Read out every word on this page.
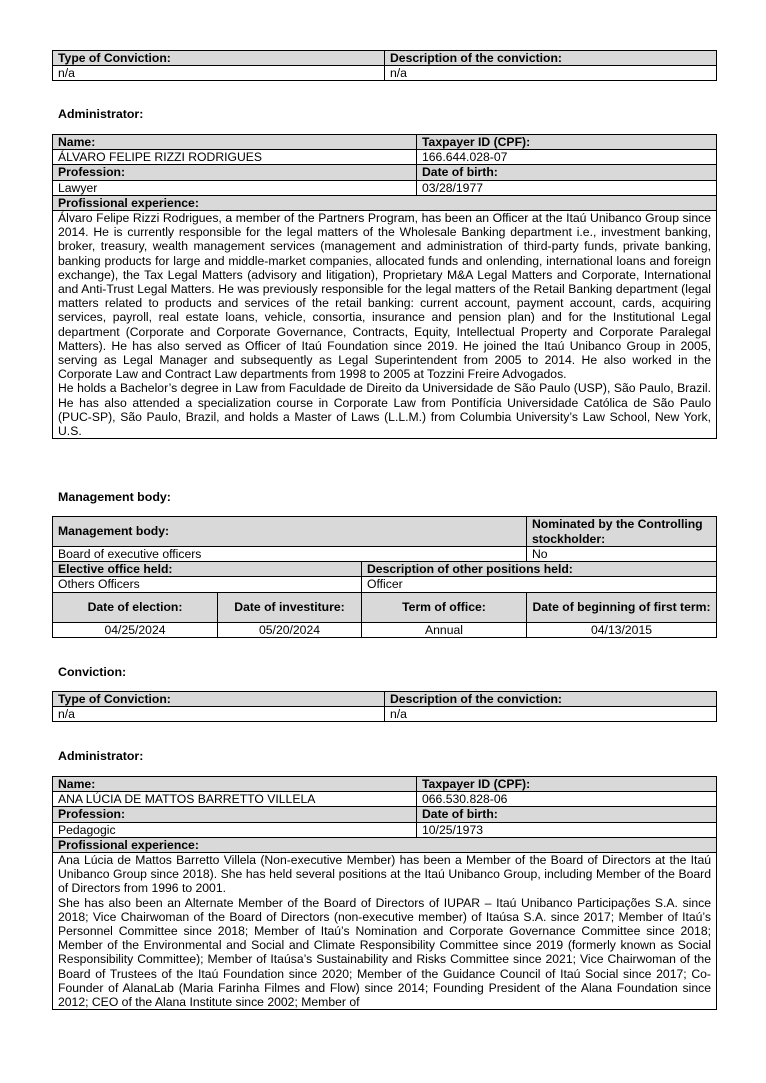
Type of Conviction:	Description of the conviction:
n/a	n/a
Administrator:
Name:	Taxpayer ID (CPF):
ÁLVARO FELIPE RIZZI RODRIGUES	166.644.028-07
Profession:	Date of birth:
Lawyer	03/28/1977
Profissional experience:	

Álvaro Felipe Rizzi Rodrigues, a member of the Partners Program, has been an Officer at the Itaú Unibanco Group since 2014. He is currently responsible for the legal matters of the Wholesale Banking department i.e., investment banking, broker, treasury, wealth management services (management and administration of third-party funds, private banking, banking products for large and middle-market companies, allocated funds and onlending, international loans and foreign exchange), the Tax Legal Matters (advisory and litigation), Proprietary M&A Legal Matters and Corporate, International and Anti-Trust Legal Matters. He was previously responsible for the legal matters of the Retail Banking department (legal matters related to products and services of the retail banking: current account, payment account, cards, acquiring services, payroll, real estate loans, vehicle, consortia, insurance and pension plan) and for the Institutional Legal department (Corporate and Corporate Governance, Contracts, Equity, Intellectual Property and Corporate Paralegal Matters). He has also served as Officer of Itaú Foundation since 2019. He joined the Itaú Unibanco Group in 2005, serving as Legal Manager and subsequently as Legal Superintendent from 2005 to 2014. He also worked in the Corporate Law and Contract Law departments from 1998 to 2005 at Tozzini Freire Advogados.
He holds a Bachelor’s degree in Law from Faculdade de Direito da Universidade de São Paulo (USP), São Paulo, Brazil. He has also attended a specialization course in Corporate Law from Pontifícia Universidade Católica de São Paulo (PUC-SP), São Paulo, Brazil, and holds a Master of Laws (L.L.M.) from Columbia University’s Law School, New York, U.S.	
Management body:
Management body:			Nominated by the Controlling stockholder:
Board of executive officers			No
Elective office held:		Description of other positions held:	
Others Officers		Officer	
Date of election:	Date of investiture:	Term of office:	Date of beginning of first term:
04/25/2024	05/20/2024	Annual	04/13/2015
Conviction:
Type of Conviction:	Description of the conviction:
n/a	n/a
Administrator:
Name:	Taxpayer ID (CPF):
ANA LÚCIA DE MATTOS BARRETTO VILLELA	066.530.828-06
Profession:	Date of birth:
Pedagogic	10/25/1973
Profissional experience:	

Ana Lúcia de Mattos Barretto Villela (Non-executive Member) has been a Member of the Board of Directors at the Itaú Unibanco Group since 2018). She has held several positions at the Itaú Unibanco Group, including Member of the Board of Directors from 1996 to 2001.
She has also been an Alternate Member of the Board of Directors of IUPAR – Itaú Unibanco Participações S.A. since 2018; Vice Chairwoman of the Board of Directors (non-executive member) of Itaúsa S.A. since 2017; Member of Itaú’s Personnel Committee since 2018; Member of Itaú’s Nomination and Corporate Governance Committee since 2018; Member of the Environmental and Social and Climate Responsibility Committee since 2019 (formerly known as Social Responsibility Committee); Member of Itaúsa’s Sustainability and Risks Committee since 2021; Vice Chairwoman of the Board of Trustees of the Itaú Foundation since 2020; Member of the Guidance Council of Itaú Social since 2017; Co-Founder of AlanaLab (Maria Farinha Filmes and Flow) since 2014; Founding President of the Alana Foundation since 2012; CEO of the Alana Institute since 2002; Member of	
